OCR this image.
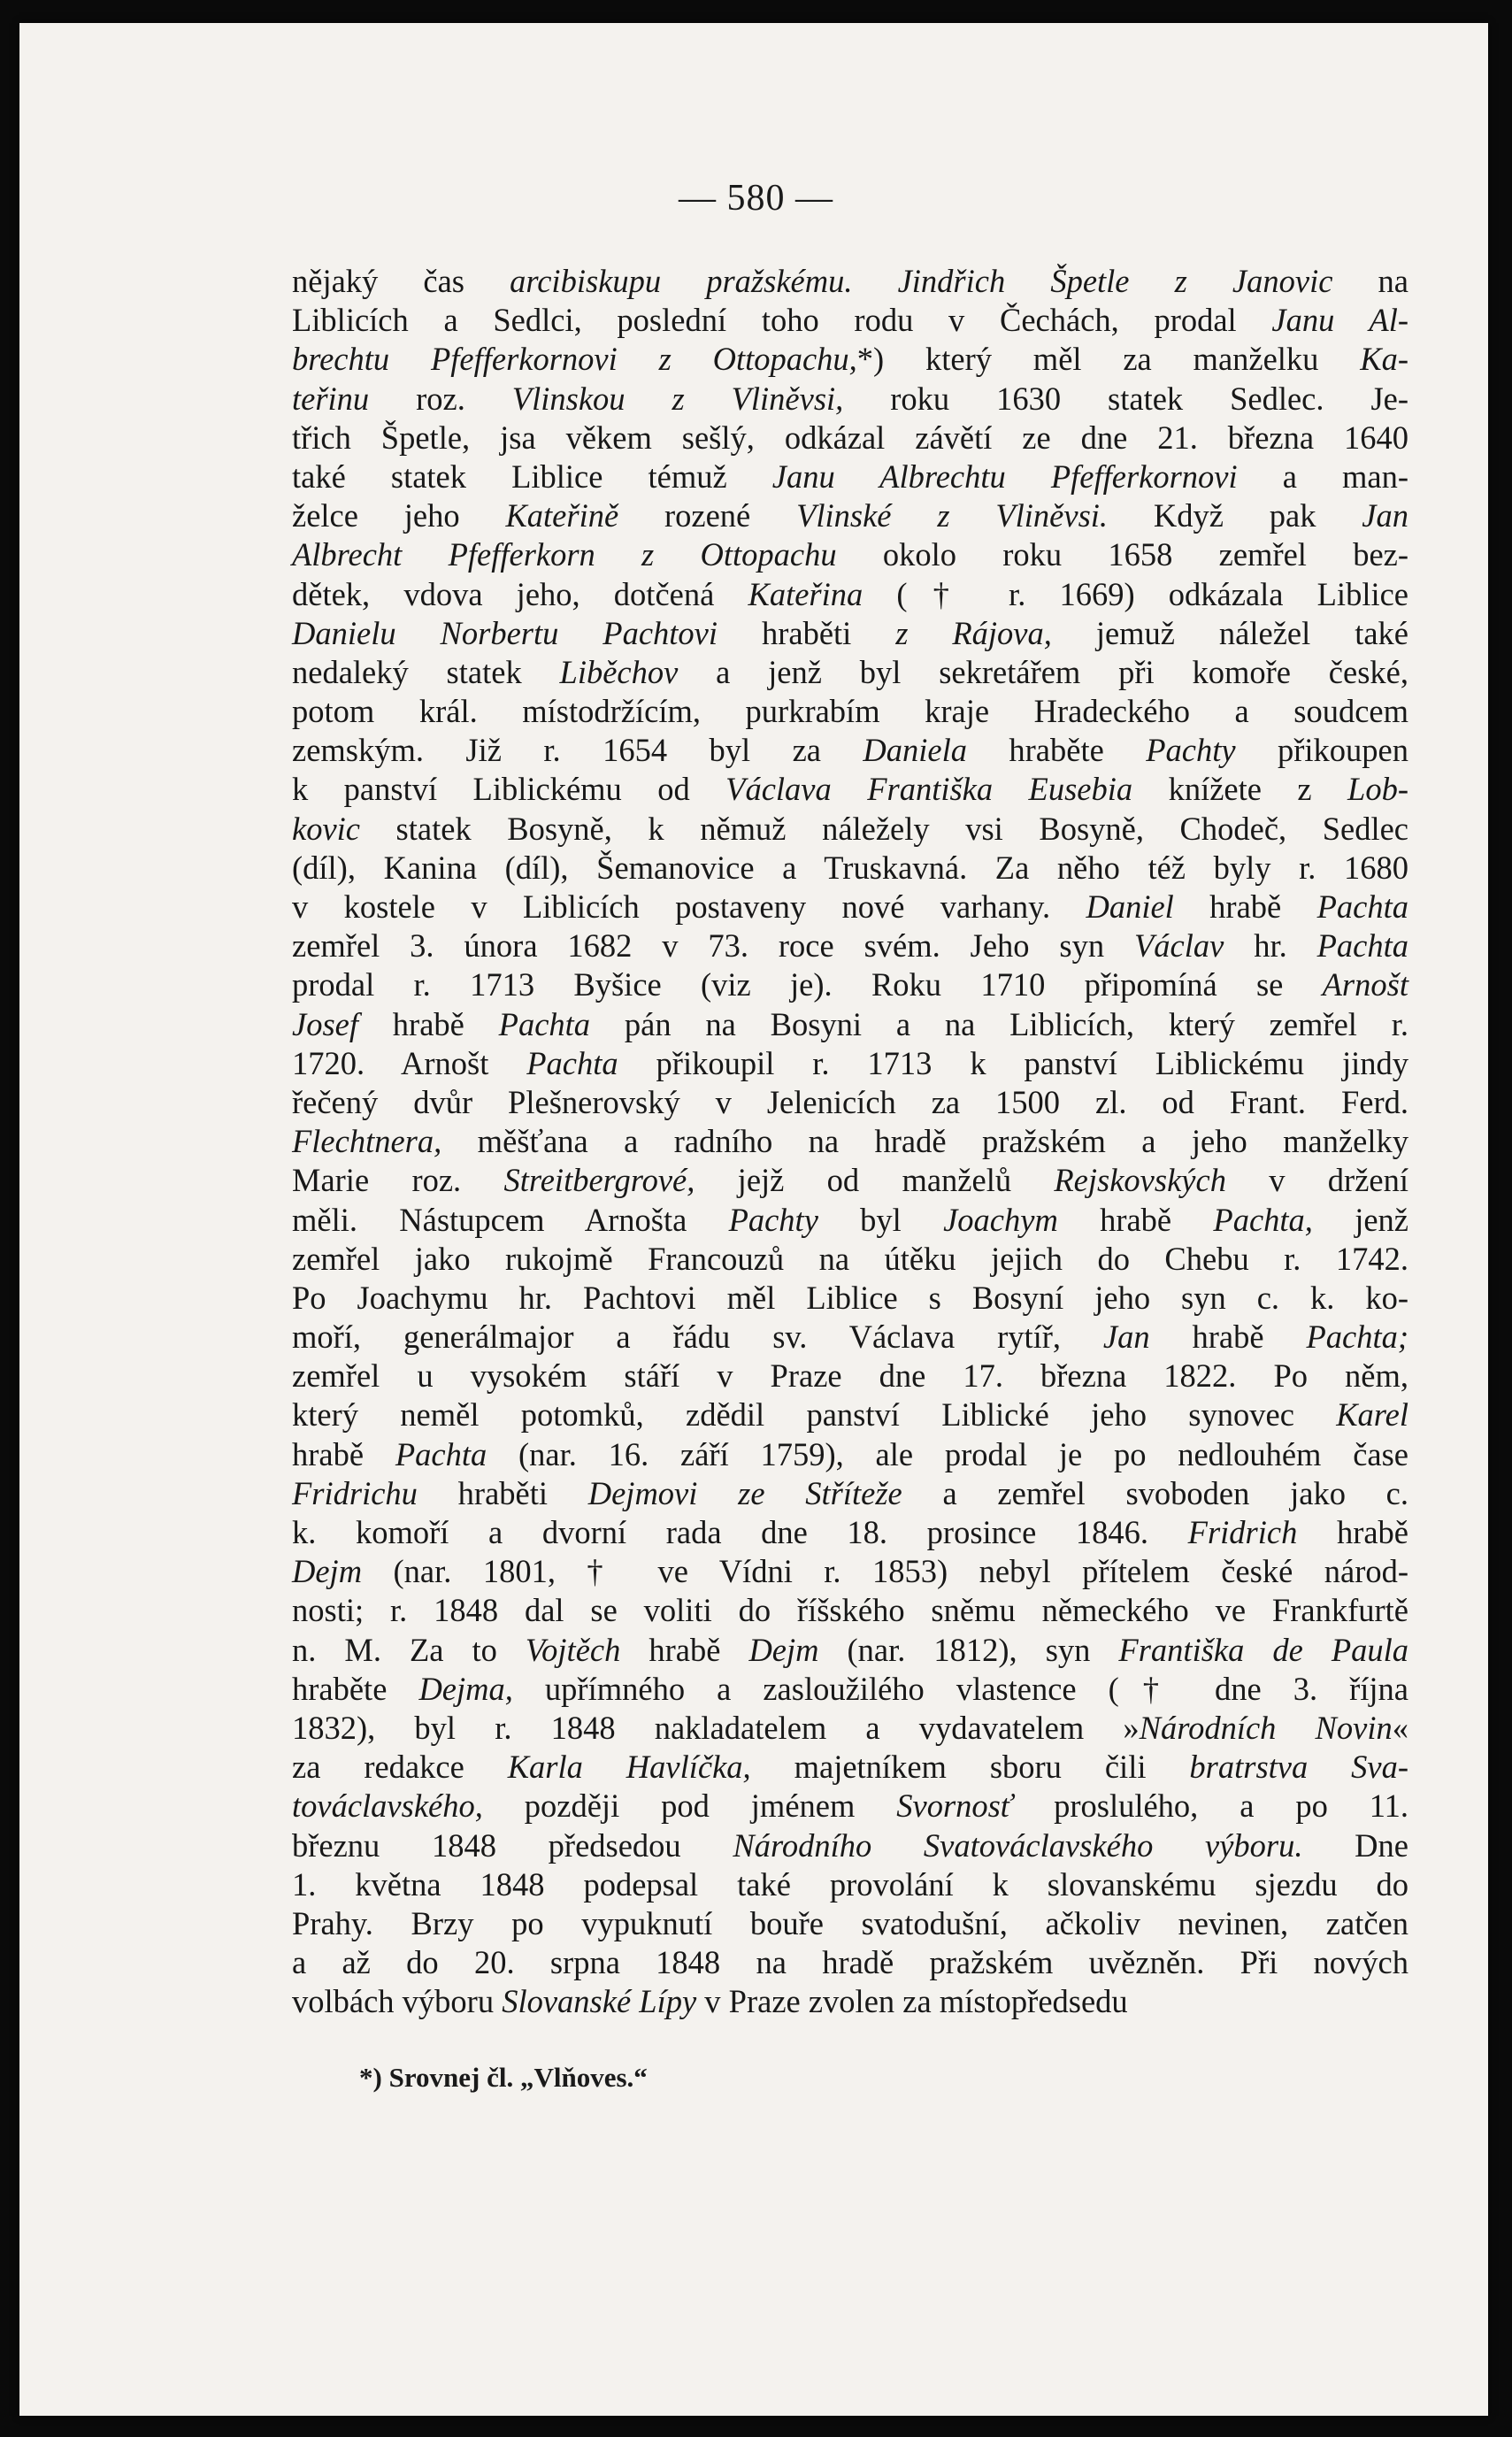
— 580 —
nějaký čas arcibiskupu pražskému. Jindřich Špetle z Janovic na
Liblicích a Sedlci, poslední toho rodu v Čechách, prodal Janu Al-
brechtu Pfefferkornovi z Ottopachu,*) který měl za manželku Ka-
teřinu roz. Vlinskou z Vliněvsi, roku 1630 statek Sedlec. Je-
třich Špetle, jsa věkem sešlý, odkázal závětí ze dne 21. března 1640
také statek Liblice témuž Janu Albrechtu Pfefferkornovi a man-
želce jeho Kateřině rozené Vlinské z Vliněvsi. Když pak Jan
Albrecht Pfefferkorn z Ottopachu okolo roku 1658 zemřel bez-
dětek, vdova jeho, dotčená Kateřina († r. 1669) odkázala Liblice
Danielu Norbertu Pachtovi hraběti z Rájova, jemuž náležel také
nedaleký statek Liběchov a jenž byl sekretářem při komoře české,
potom král. místodržícím, purkrabím kraje Hradeckého a soudcem
zemským. Již r. 1654 byl za Daniela hraběte Pachty přikoupen
k panství Liblickému od Václava Františka Eusebia knížete z Lob-
kovic statek Bosyně, k němuž náležely vsi Bosyně, Chodeč, Sedlec
(díl), Kanina (díl), Šemanovice a Truskavná. Za něho též byly r. 1680
v kostele v Liblicích postaveny nové varhany. Daniel hrabě Pachta
zemřel 3. února 1682 v 73. roce svém. Jeho syn Václav hr. Pachta
prodal r. 1713 Byšice (viz je). Roku 1710 připomíná se Arnošt
Josef hrabě Pachta pán na Bosyni a na Liblicích, který zemřel r.
1720. Arnošt Pachta přikoupil r. 1713 k panství Liblickému jindy
řečený dvůr Plešnerovský v Jelenicích za 1500 zl. od Frant. Ferd.
Flechtnera, měšťana a radního na hradě pražském a jeho manželky
Marie roz. Streitbergrové, jejž od manželů Rejskovských v držení
měli. Nástupcem Arnošta Pachty byl Joachym hrabě Pachta, jenž
zemřel jako rukojmě Francouzů na útěku jejich do Chebu r. 1742.
Po Joachymu hr. Pachtovi měl Liblice s Bosyní jeho syn c. k. ko-
moří, generálmajor a řádu sv. Václava rytíř, Jan hrabě Pachta;
zemřel u vysokém stáří v Praze dne 17. března 1822. Po něm,
který neměl potomků, zdědil panství Liblické jeho synovec Karel
hrabě Pachta (nar. 16. září 1759), ale prodal je po nedlouhém čase
Fridrichu hraběti Dejmovi ze Stříteže a zemřel svoboden jako c.
k. komoří a dvorní rada dne 18. prosince 1846. Fridrich hrabě
Dejm (nar. 1801, † ve Vídni r. 1853) nebyl přítelem české národ-
nosti; r. 1848 dal se voliti do říšského sněmu německého ve Frankfurtě
n. M. Za to Vojtěch hrabě Dejm (nar. 1812), syn Františka de Paula
hraběte Dejma, upřímného a zasloužilého vlastence († dne 3. října
1832), byl r. 1848 nakladatelem a vydavatelem »Národních Novin«
za redakce Karla Havlíčka, majetníkem sboru čili bratrstva Sva-
továclavského, později pod jménem Svornosť proslulého, a po 11.
březnu 1848 předsedou Národního Svatováclavského výboru. Dne
1. května 1848 podepsal také provolání k slovanskému sjezdu do
Prahy. Brzy po vypuknutí bouře svatodušní, ačkoliv nevinen, zatčen
a až do 20. srpna 1848 na hradě pražském uvězněn. Při nových
volbách výboru Slovanské Lípy v Praze zvolen za místopředsedu
*) Srovnej čl. „Vlňoves.“
